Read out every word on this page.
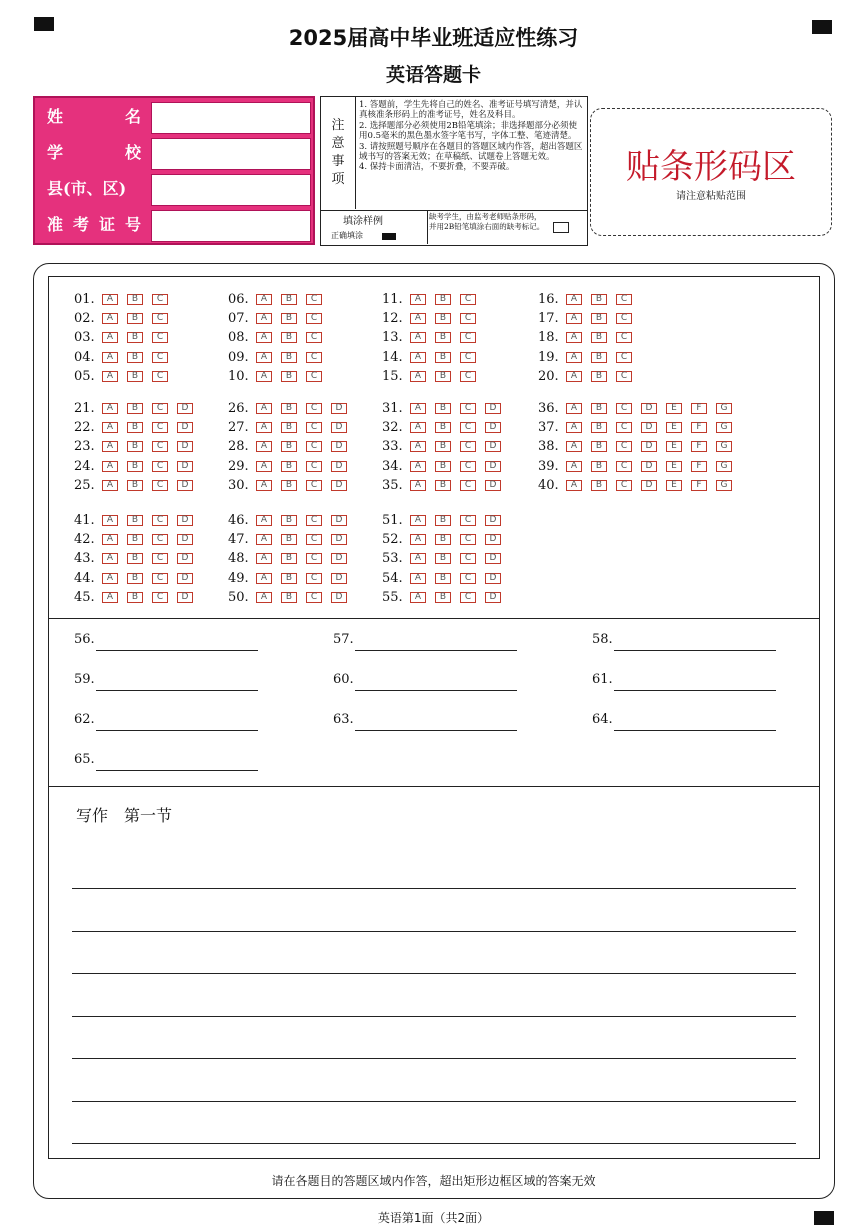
2025届高中毕业班适应性练习
英语答题卡
姓名
学校
县(市、区)
准考证号
注
意
事
项
1. 答题前，学生先将自己的姓名、准考证号填写清楚，并认真核准条形码上的准考证号，姓名及科目。
2. 选择题部分必须使用2B铅笔填涂；非选择题部分必须使用0.5毫米的黑色墨水签字笔书写，字体工整、笔迹清楚。
3. 请按照题号顺序在各题目的答题区域内作答，超出答题区域书写的答案无效；在草稿纸、试题卷上答题无效。
4. 保持卡面清洁，不要折叠，不要弄破。
填涂样例
正确填涂
缺考学生，由监考老师贴条形码，并用2B铅笔填涂右面的缺考标记。
贴条形码区
请注意粘贴范围
01. A B C
02. A B C
03. A B C
04. A B C
05. A B C
06. A B C
07. A B C
08. A B C
09. A B C
10. A B C
11. A B C
12. A B C
13. A B C
14. A B C
15. A B C
16. A B C
17. A B C
18. A B C
19. A B C
20. A B C
21. A B C D
22. A B C D
23. A B C D
24. A B C D
25. A B C D
26. A B C D
27. A B C D
28. A B C D
29. A B C D
30. A B C D
31. A B C D
32. A B C D
33. A B C D
34. A B C D
35. A B C D
36. A B C D E F G
37. A B C D E F G
38. A B C D E F G
39. A B C D E F G
40. A B C D E F G
41. A B C D
42. A B C D
43. A B C D
44. A B C D
45. A B C D
46. A B C D
47. A B C D
48. A B C D
49. A B C D
50. A B C D
51. A B C D
52. A B C D
53. A B C D
54. A B C D
55. A B C D
56.	57.	58.
59.	60.	61.
62.	63.	64.
65.
写作　第一节
请在各题目的答题区域内作答，超出矩形边框区域的答案无效
英语第1面（共2面）
